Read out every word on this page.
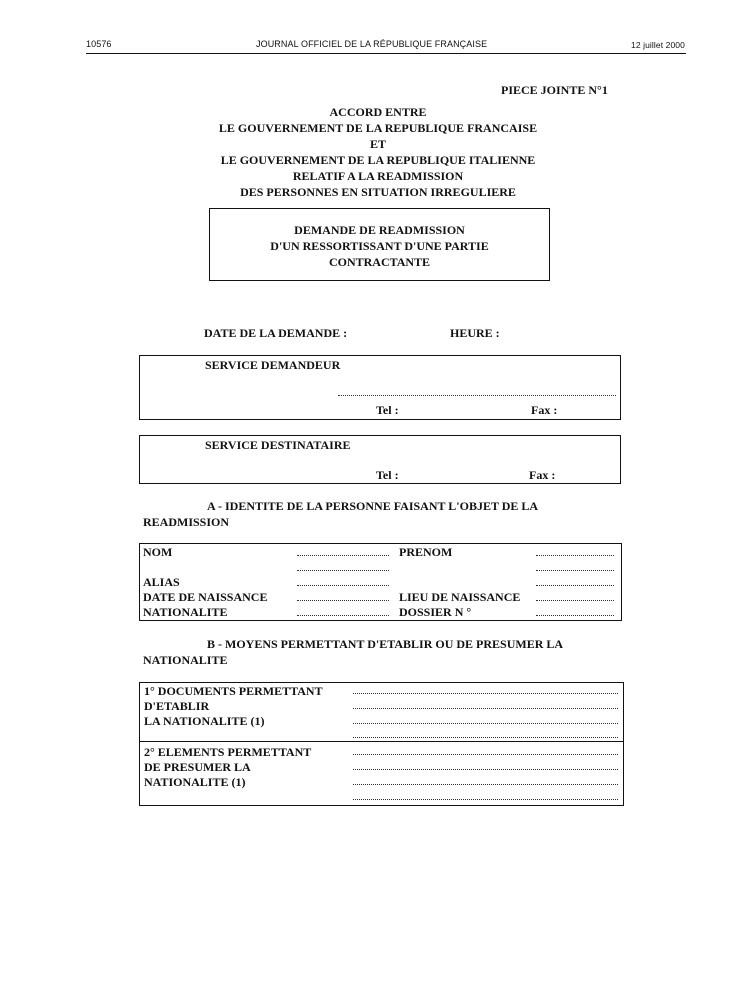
10576	JOURNAL OFFICIEL DE LA RÉPUBLIQUE FRANÇAISE	12 juillet 2000
PIECE JOINTE N°1
ACCORD ENTRE
LE GOUVERNEMENT DE LA REPUBLIQUE FRANCAISE
ET
LE GOUVERNEMENT DE LA REPUBLIQUE ITALIENNE
RELATIF A LA READMISSION
DES PERSONNES EN SITUATION IRREGULIERE
DEMANDE DE READMISSION
D'UN RESSORTISSANT D'UNE PARTIE
CONTRACTANTE
DATE DE LA DEMANDE :	HEURE :
SERVICE DEMANDEUR
Tel :	Fax :
SERVICE DESTINATAIRE
Tel :	Fax :
A - IDENTITE DE LA PERSONNE FAISANT L'OBJET DE LA
READMISSION
NOM	PRENOM
ALIAS
DATE DE NAISSANCE	LIEU DE NAISSANCE
NATIONALITE	DOSSIER N °
B - MOYENS PERMETTANT D'ETABLIR OU DE PRESUMER LA
NATIONALITE
1° DOCUMENTS PERMETTANT
D'ETABLIR
LA NATIONALITE (1)
2° ELEMENTS PERMETTANT
DE PRESUMER LA
NATIONALITE (1)
